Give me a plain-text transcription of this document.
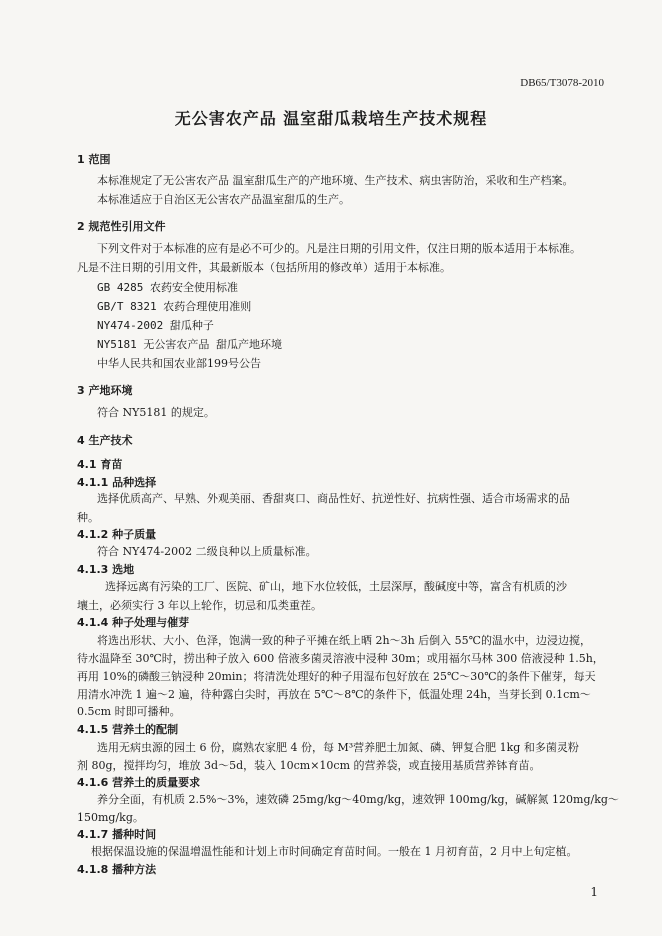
DB65/T3078-2010
无公害农产品 温室甜瓜栽培生产技术规程
1 范围
本标准规定了无公害农产品 温室甜瓜生产的产地环境、生产技术、病虫害防治，采收和生产档案。
本标准适应于自治区无公害农产品温室甜瓜的生产。
2 规范性引用文件
下列文件对于本标准的应有是必不可少的。凡是注日期的引用文件，仅注日期的版本适用于本标准。
凡是不注日期的引用文件，其最新版本（包括所用的修改单）适用于本标准。
GB 4285 农药安全使用标准
GB/T 8321 农药合理使用准则
NY474-2002 甜瓜种子
NY5181 无公害农产品 甜瓜产地环境
中华人民共和国农业部199号公告
3 产地环境
符合 NY5181 的规定。
4 生产技术
4.1 育苗
4.1.1 品种选择
选择优质高产、早熟、外观美丽、香甜爽口、商品性好、抗逆性好、抗病性强、适合市场需求的品
种。
4.1.2 种子质量
符合 NY474-2002 二级良种以上质量标准。
4.1.3 选地
选择远离有污染的工厂、医院、矿山，地下水位较低，土层深厚，酸碱度中等，富含有机质的沙
壤土，必须实行 3 年以上轮作，切忌和瓜类重茬。
4.1.4 种子处理与催芽
将选出形状、大小、色泽，饱满一致的种子平摊在纸上晒 2h～3h 后倒入 55℃的温水中，边浸边搅，
待水温降至 30℃时，捞出种子放入 600 倍液多菌灵溶液中浸种 30m；或用福尔马林 300 倍液浸种 1.5h，
再用 10%的磷酸三钠浸种 20min；将清洗处理好的种子用湿布包好放在 25℃～30℃的条件下催芽，每天
用清水冲洗 1 遍～2 遍，待种露白尖时，再放在 5℃～8℃的条件下，低温处理 24h，当芽长到 0.1cm～
0.5cm 时即可播种。
4.1.5 营养土的配制
选用无病虫源的园土 6 份，腐熟农家肥 4 份，每 M³营养肥土加氮、磷、钾复合肥 1kg 和多菌灵粉
剂 80g，搅拌均匀，堆放 3d～5d，装入 10cm×10cm 的营养袋，或直接用基质营养钵育苗。
4.1.6 营养土的质量要求
养分全面，有机质 2.5%～3%，速效磷 25mg/kg～40mg/kg，速效钾 100mg/kg，碱解氮 120mg/kg～
150mg/kg。
4.1.7 播种时间
根据保温设施的保温增温性能和计划上市时间确定育苗时间。一般在 1 月初育苗，2 月中上旬定植。
4.1.8 播种方法
1
